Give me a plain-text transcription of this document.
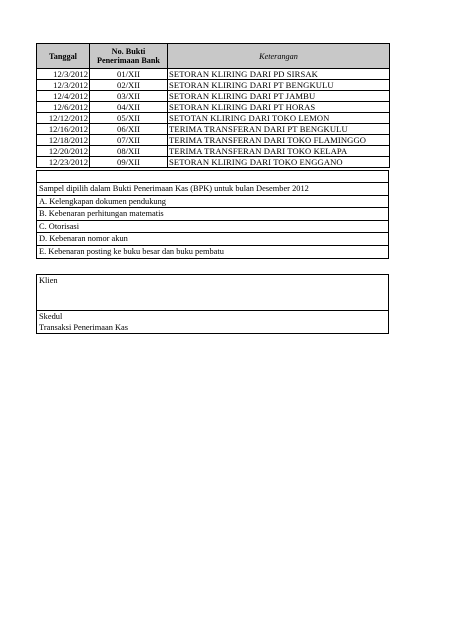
Tanggal	No. Bukti Penerimaan Bank	Keterangan
12/3/2012	01/XII	SETORAN KLIRING DARI PD SIRSAK
12/3/2012	02/XII	SETORAN KLIRING DARI PT BENGKULU
12/4/2012	03/XII	SETORAN KLIRING DARI PT JAMBU
12/6/2012	04/XII	SETORAN KLIRING DARI PT HORAS
12/12/2012	05/XII	SETOTAN KLIRING DARI TOKO LEMON
12/16/2012	06/XII	TERIMA TRANSFERAN DARI PT BENGKULU
12/18/2012	07/XII	TERIMA TRANSFERAN DARI TOKO FLAMINGGO
12/20/2012	08/XII	TERIMA TRANSFERAN DARI TOKO KELAPA
12/23/2012	09/XII	SETORAN KLIRING DARI TOKO ENGGANO
Sampel dipilih dalam Bukti Penerimaan Kas (BPK) untuk bulan Desember 2012
A. Kelengkapan dokumen pendukung
B. Kebenaran perhitungan matematis
C. Otorisasi
D. Kebenaran nomor akun
E. Kebenaran posting ke buku besar dan buku pembatu
Klien
Skedul
Transaksi Penerimaan Kas
